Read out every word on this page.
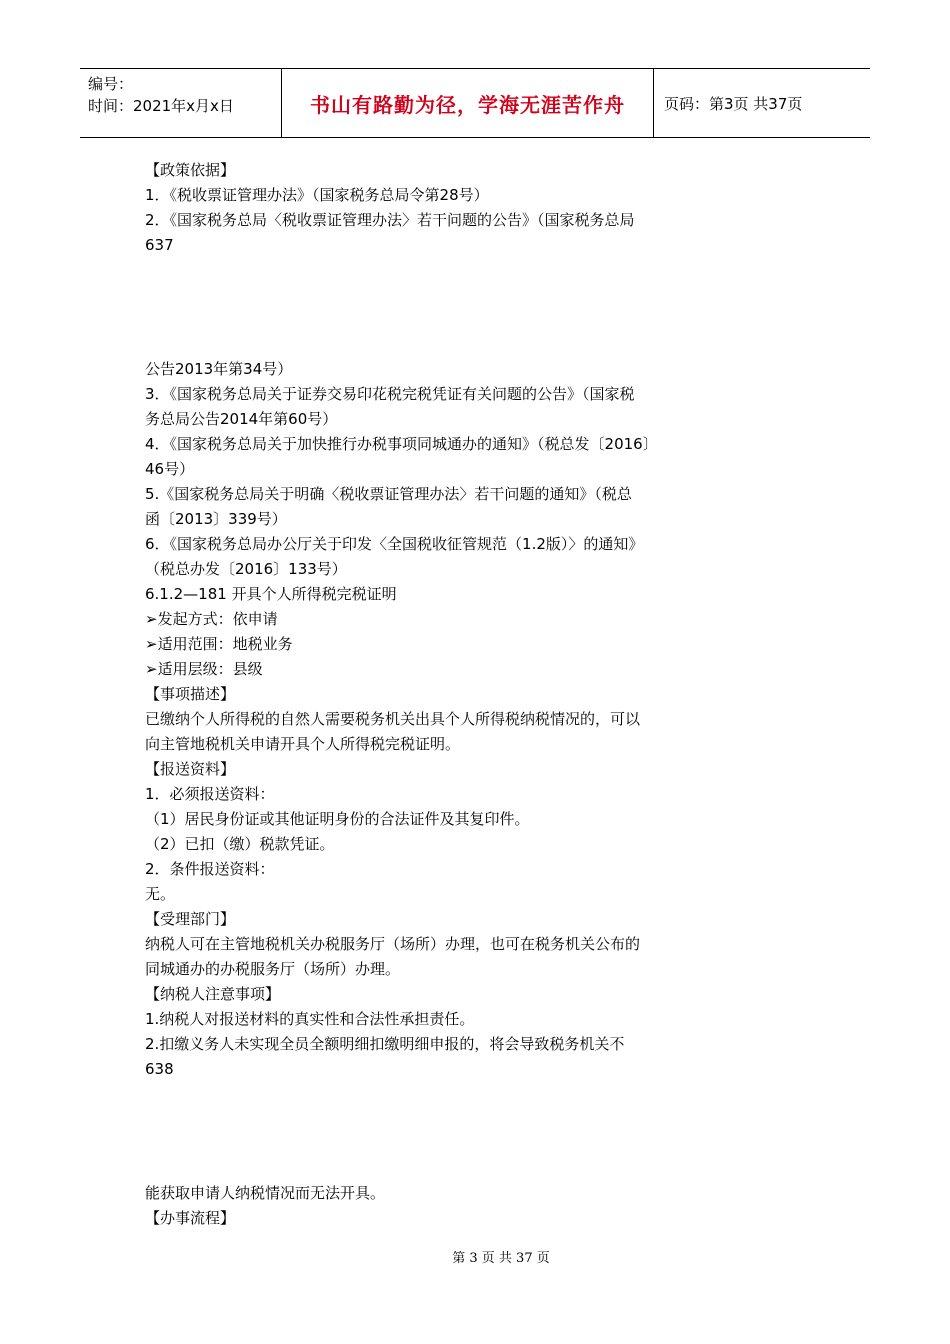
编号：
时间：2021年x月x日	书山有路勤为径，学海无涯苦作舟	页码：第3页 共37页
【政策依据】
1．《税收票证管理办法》（国家税务总局令第28号）
2．《国家税务总局〈税收票证管理办法〉若干问题的公告》（国家税务总局
637
公告2013年第34号）
3．《国家税务总局关于证券交易印花税完税凭证有关问题的公告》（国家税
务总局公告2014年第60号）
4．《国家税务总局关于加快推行办税事项同城通办的通知》（税总发〔2016〕
46号）
5.《国家税务总局关于明确〈税收票证管理办法〉若干问题的通知》（税总
函〔2013〕339号）
6．《国家税务总局办公厅关于印发〈全国税收征管规范（1.2版）〉的通知》
（税总办发〔2016〕133号）
6.1.2—181 开具个人所得税完税证明
➢发起方式：依申请
➢适用范围：地税业务
➢适用层级：县级
【事项描述】
已缴纳个人所得税的自然人需要税务机关出具个人所得税纳税情况的，可以
向主管地税机关申请开具个人所得税完税证明。
【报送资料】
1．必须报送资料：
（1）居民身份证或其他证明身份的合法证件及其复印件。
（2）已扣（缴）税款凭证。
2．条件报送资料：
无。
【受理部门】
纳税人可在主管地税机关办税服务厅（场所）办理，也可在税务机关公布的
同城通办的办税服务厅（场所）办理。
【纳税人注意事项】
1.纳税人对报送材料的真实性和合法性承担责任。
2.扣缴义务人未实现全员全额明细扣缴明细申报的，将会导致税务机关不
638
能获取申请人纳税情况而无法开具。
【办事流程】
第 3 页 共 37 页
